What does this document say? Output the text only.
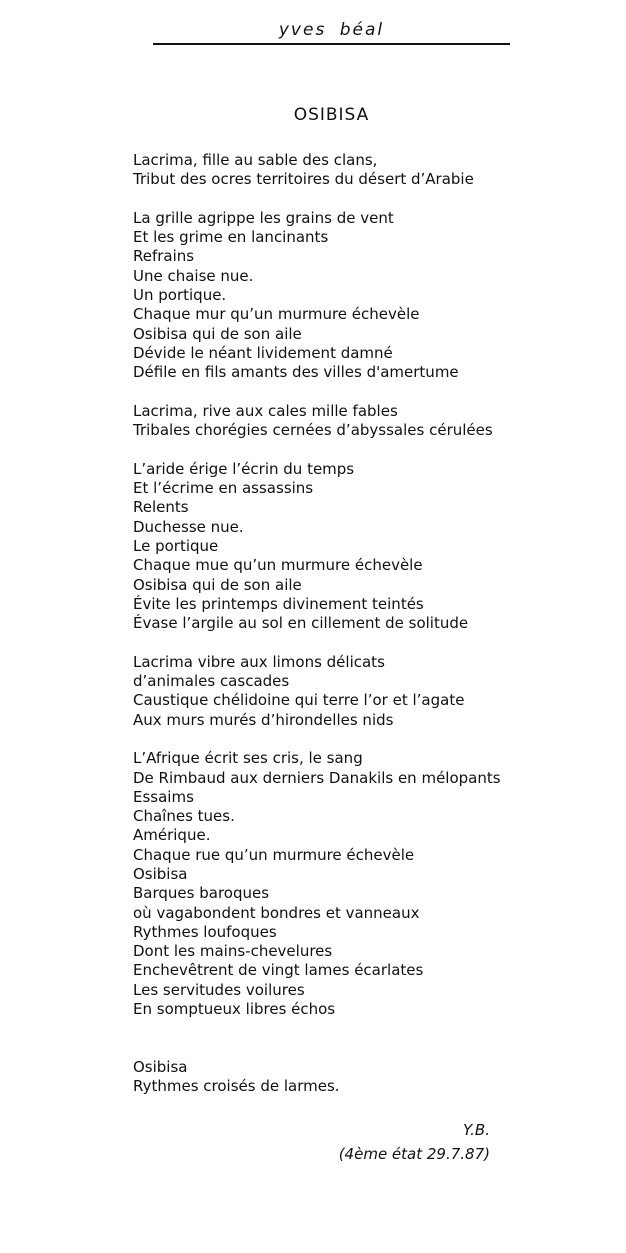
yves béal
OSIBISA
Lacrima, fille au sable des clans,
Tribut des ocres territoires du désert d’Arabie
La grille agrippe les grains de vent
Et les grime en lancinants
Refrains
Une chaise nue.
Un portique.
Chaque mur qu’un murmure échevèle
Osibisa qui de son aile
Dévide le néant lividement damné
Défile en fils amants des villes d'amertume
Lacrima, rive aux cales mille fables
Tribales chorégies cernées d’abyssales cérulées
L’aride érige l’écrin du temps
Et l’écrime en assassins
Relents
Duchesse nue.
Le portique
Chaque mue qu’un murmure échevèle
Osibisa qui de son aile
Évite les printemps divinement teintés
Évase l’argile au sol en cillement de solitude
Lacrima vibre aux limons délicats
d’animales cascades
Caustique chélidoine qui terre l’or et l’agate
Aux murs murés d’hirondelles nids
L’Afrique écrit ses cris, le sang
De Rimbaud aux derniers Danakils en mélopants
Essaims
Chaînes tues.
Amérique.
Chaque rue qu’un murmure échevèle
Osibisa
Barques baroques
où vagabondent bondres et vanneaux
Rythmes loufoques
Dont les mains-chevelures
Enchevêtrent de vingt lames écarlates
Les servitudes voilures
En somptueux libres échos
Osibisa
Rythmes croisés de larmes.
Y.B.
(4ème état 29.7.87)
